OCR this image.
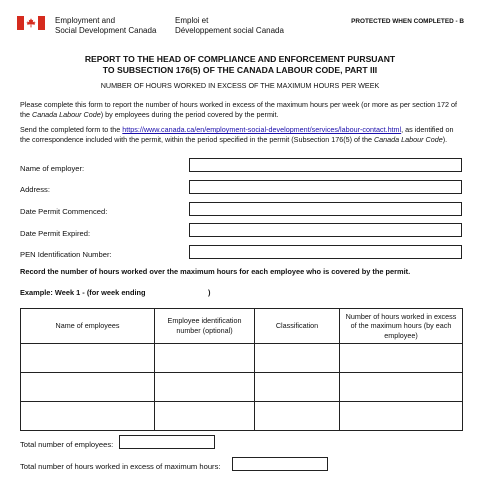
Employment and
Social Development Canada
Emploi et
Développement social Canada
PROTECTED WHEN COMPLETED - B
REPORT TO THE HEAD OF COMPLIANCE AND ENFORCEMENT PURSUANT
TO SUBSECTION 176(5) OF THE CANADA LABOUR CODE, PART III
NUMBER OF HOURS WORKED IN EXCESS OF THE MAXIMUM HOURS PER WEEK
Please complete this form to report the number of hours worked in excess of the maximum hours per week (or more as per section 172 of the Canada Labour Code) by employees during the period covered by the permit.
Send the completed form to the https://www.canada.ca/en/employment-social-development/services/labour-contact.html, as identified on the correspondence included with the permit, within the period specified in the permit (Subsection 176(5) of the Canada Labour Code).
Name of employer:
Address:
Date Permit Commenced:
Date Permit Expired:
PEN Identification Number:
Record the number of hours worked over the maximum hours for each employee who is covered by the permit.
Example: Week 1 - (for week ending	)
Name of employees	Employee identification number (optional)	Classification	Number of hours worked in excess of the maximum hours (by each employee)

Total number of employees:
Total number of hours worked in excess of maximum hours:
